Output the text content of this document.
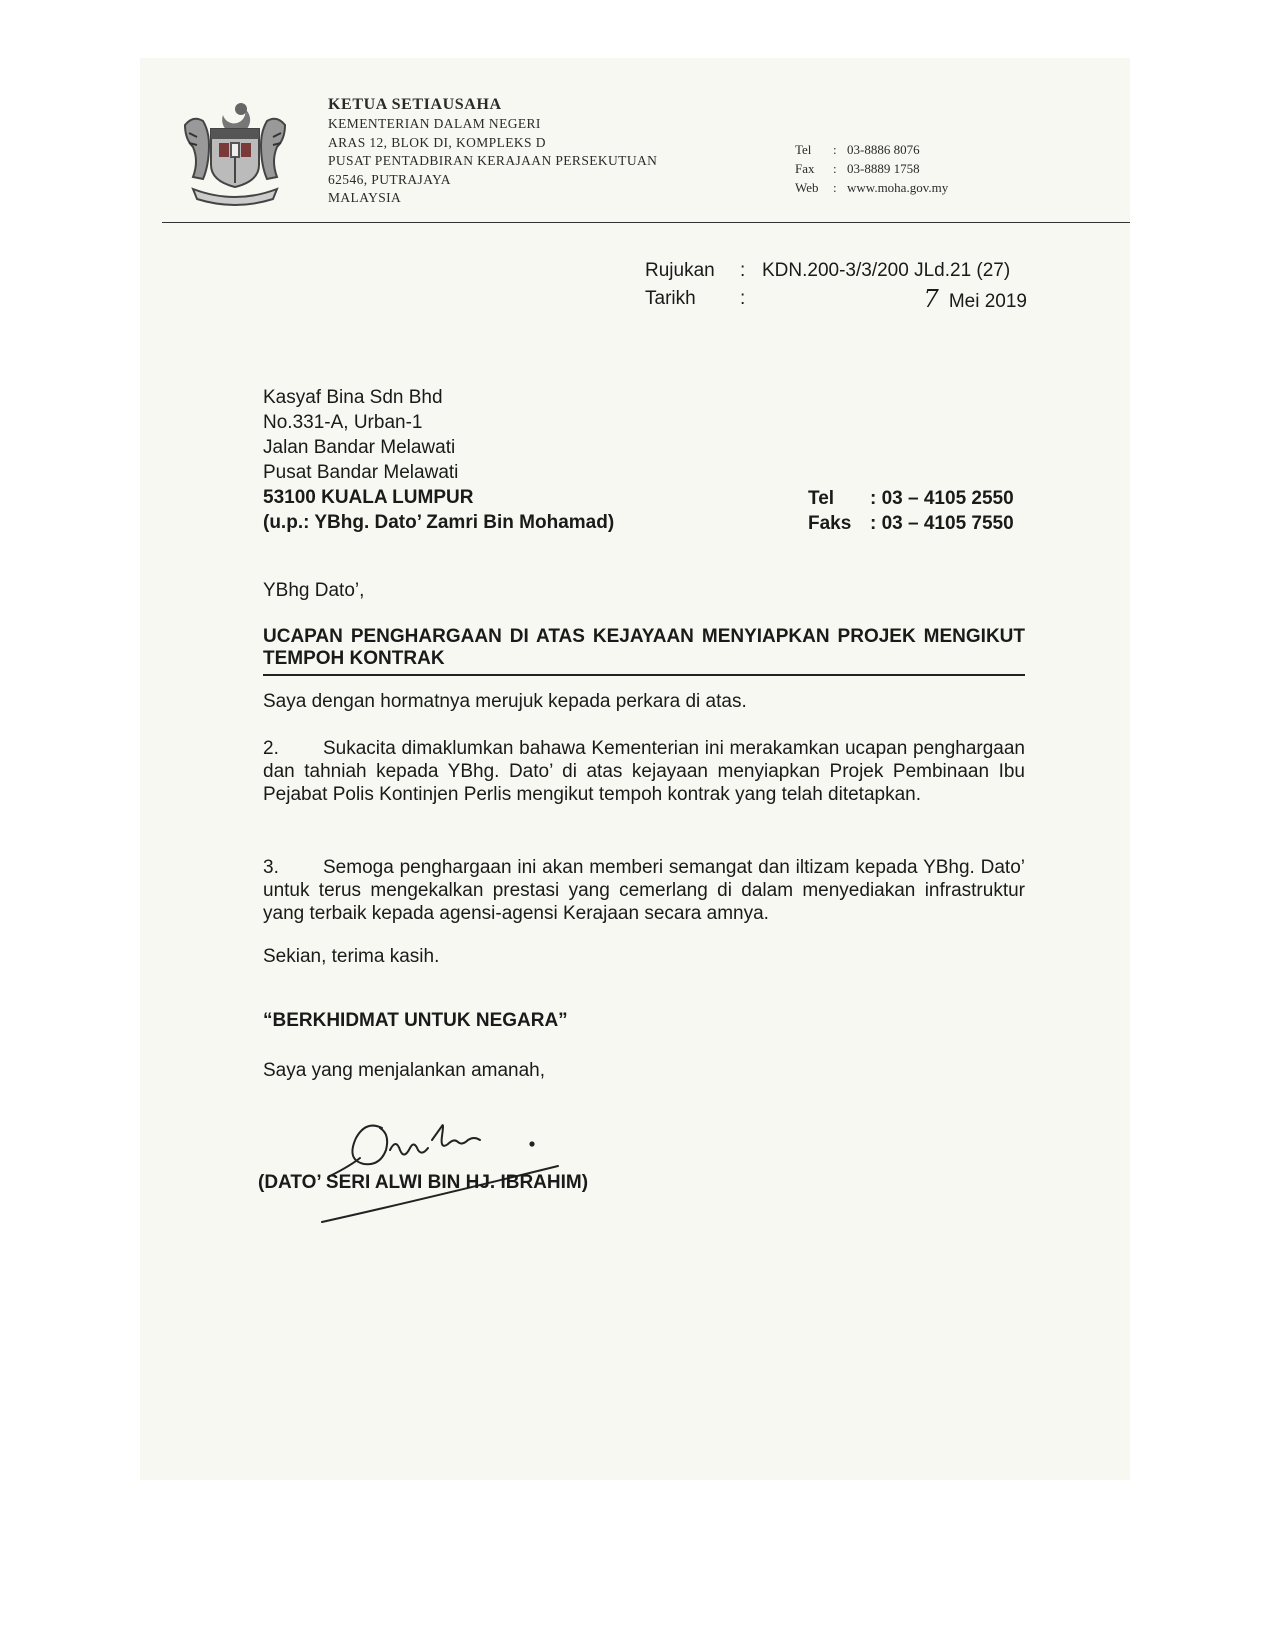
KETUA SETIAUSAHA
KEMENTERIAN DALAM NEGERI
ARAS 12, BLOK DI, KOMPLEKS D
PUSAT PENTADBIRAN KERAJAAN PERSEKUTUAN
62546, PUTRAJAYA
MALAYSIA
Tel	: 03-8886 8076
Fax	: 03-8889 1758
Web	: www.moha.gov.my
Rujukan	: KDN.200-3/3/200 JLd.21 (27)
Tarikh	:	7 Mei 2019
Kasyaf Bina Sdn Bhd
No.331-A, Urban-1
Jalan Bandar Melawati
Pusat Bandar Melawati
53100 KUALA LUMPUR
(u.p.: YBhg. Dato’ Zamri Bin Mohamad)
Tel	: 03 – 4105 2550
Faks : 03 – 4105 7550
YBhg Dato’,
UCAPAN PENGHARGAAN DI ATAS KEJAYAAN MENYIAPKAN PROJEK MENGIKUT TEMPOH KONTRAK
Saya dengan hormatnya merujuk kepada perkara di atas.
2. Sukacita dimaklumkan bahawa Kementerian ini merakamkan ucapan penghargaan dan tahniah kepada YBhg. Dato’ di atas kejayaan menyiapkan Projek Pembinaan Ibu Pejabat Polis Kontinjen Perlis mengikut tempoh kontrak yang telah ditetapkan.
3. Semoga penghargaan ini akan memberi semangat dan iltizam kepada YBhg. Dato’ untuk terus mengekalkan prestasi yang cemerlang di dalam menyediakan infrastruktur yang terbaik kepada agensi-agensi Kerajaan secara amnya.
Sekian, terima kasih.
“BERKHIDMAT UNTUK NEGARA”
Saya yang menjalankan amanah,
(DATO’ SERI ALWI BIN HJ. IBRAHIM)
